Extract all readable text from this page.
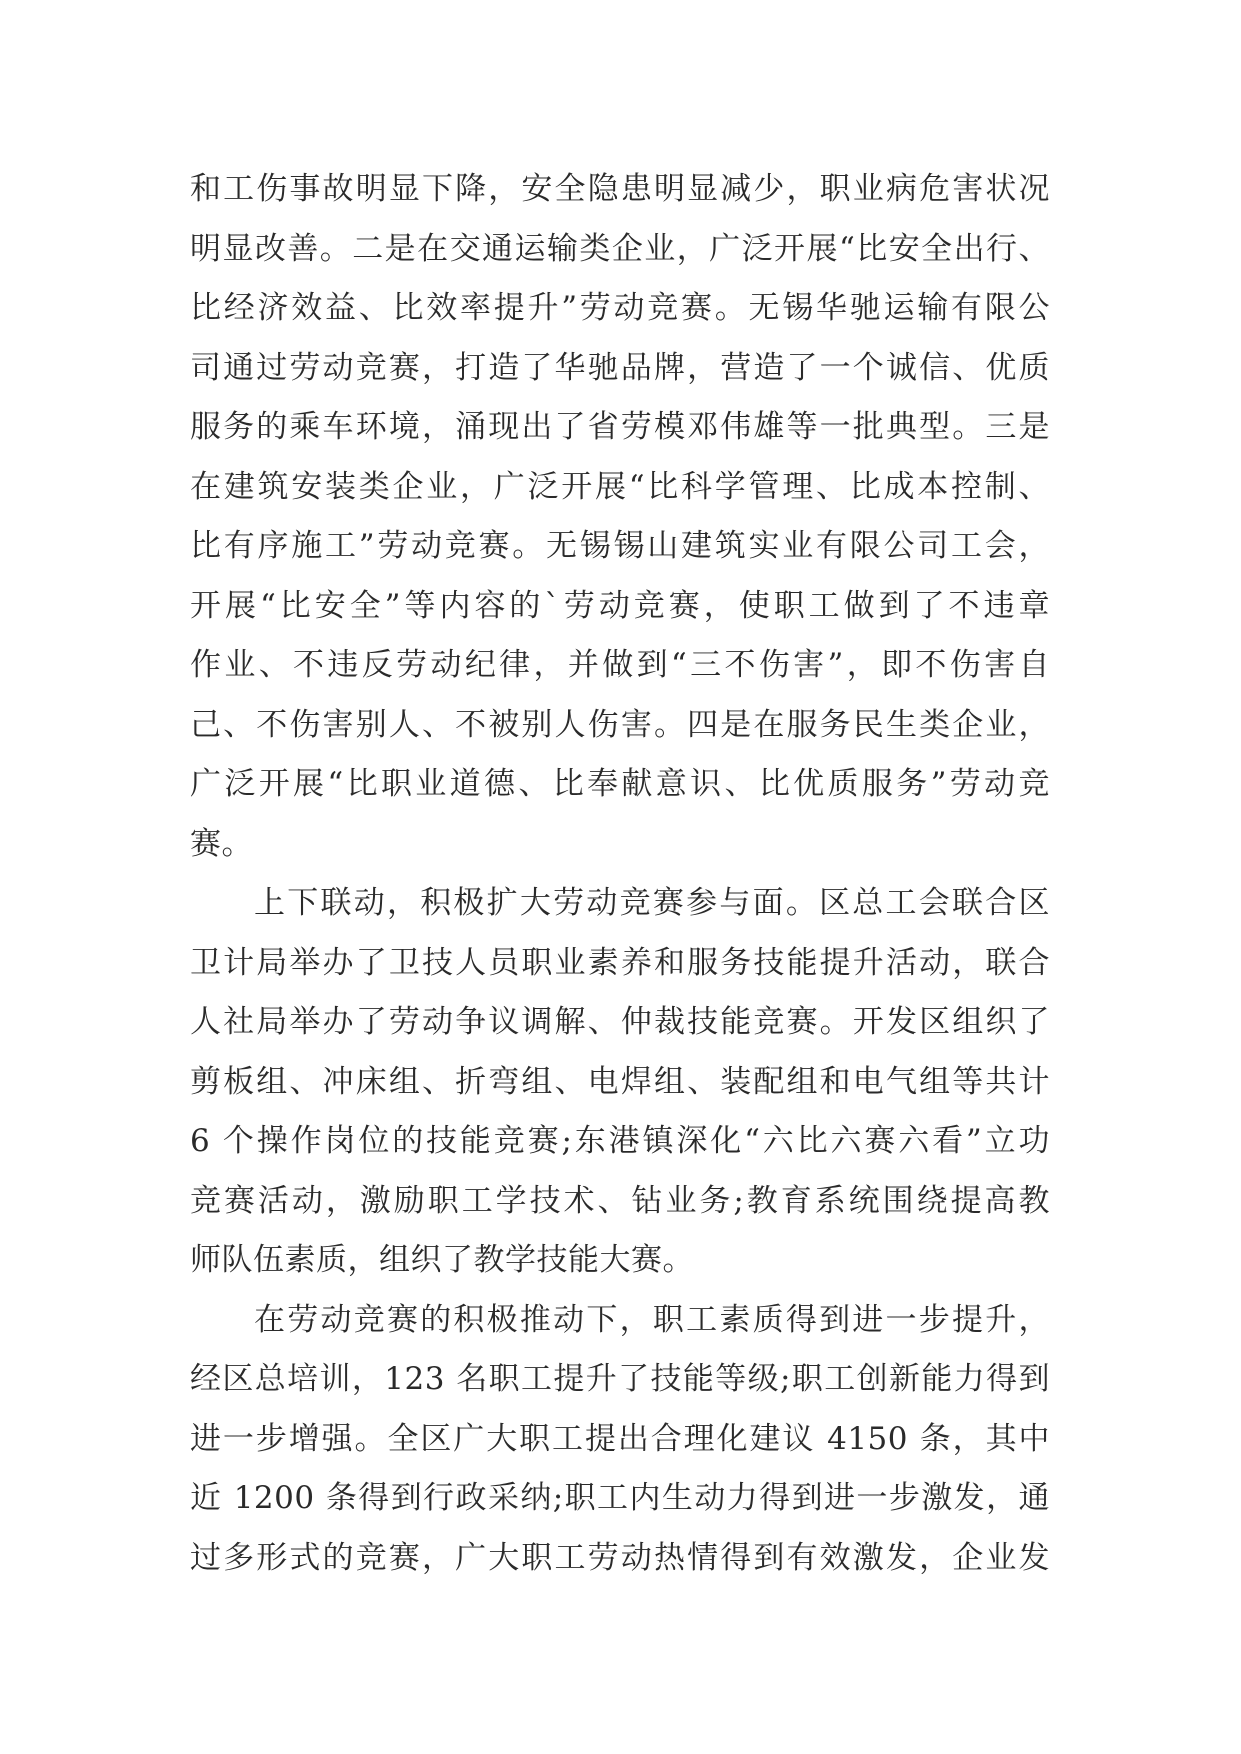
和工伤事故明显下降，安全隐患明显减少，职业病危害状况
明显改善。二是在交通运输类企业，广泛开展“比安全出行、
比经济效益、比效率提升”劳动竞赛。无锡华驰运输有限公
司通过劳动竞赛，打造了华驰品牌，营造了一个诚信、优质
服务的乘车环境，涌现出了省劳模邓伟雄等一批典型。三是
在建筑安装类企业，广泛开展“比科学管理、比成本控制、
比有序施工”劳动竞赛。无锡锡山建筑实业有限公司工会，
开展“比安全”等内容的`劳动竞赛，使职工做到了不违章
作业、不违反劳动纪律，并做到“三不伤害”，即不伤害自
己、不伤害别人、不被别人伤害。四是在服务民生类企业，
广泛开展“比职业道德、比奉献意识、比优质服务”劳动竞
赛。
上下联动，积极扩大劳动竞赛参与面。区总工会联合区
卫计局举办了卫技人员职业素养和服务技能提升活动，联合
人社局举办了劳动争议调解、仲裁技能竞赛。开发区组织了
剪板组、冲床组、折弯组、电焊组、装配组和电气组等共计
6 个操作岗位的技能竞赛;东港镇深化“六比六赛六看”立功
竞赛活动，激励职工学技术、钻业务;教育系统围绕提高教
师队伍素质，组织了教学技能大赛。
在劳动竞赛的积极推动下，职工素质得到进一步提升，
经区总培训，123 名职工提升了技能等级;职工创新能力得到
进一步增强。全区广大职工提出合理化建议 4150 条，其中
近 1200 条得到行政采纳;职工内生动力得到进一步激发，通
过多形式的竞赛，广大职工劳动热情得到有效激发，企业发
